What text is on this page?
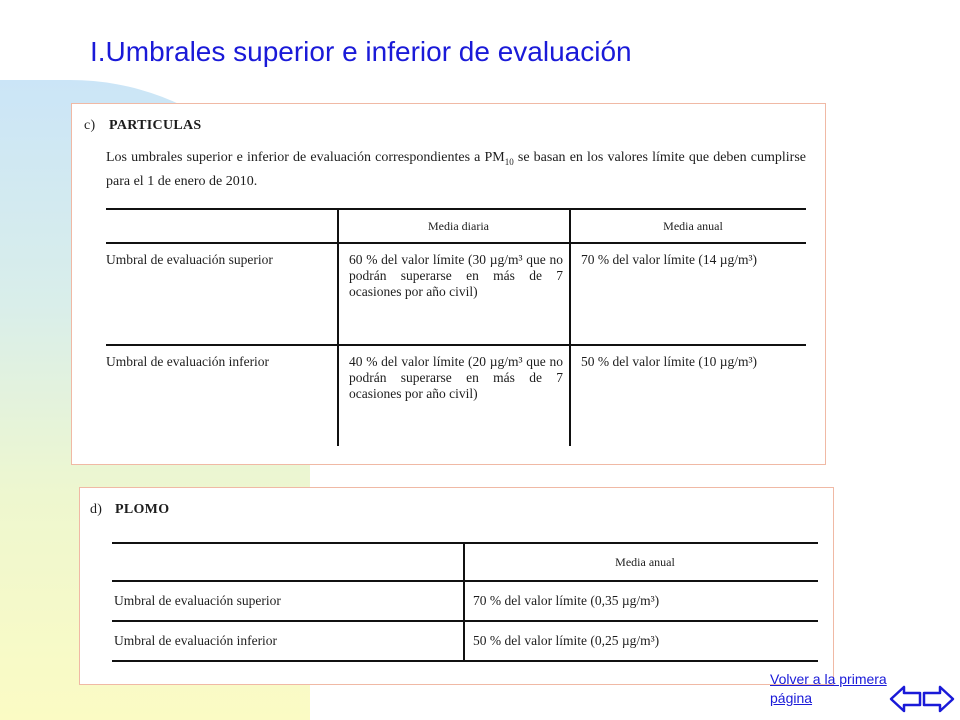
I.Umbrales superior e inferior de evaluación
c) PARTICULAS
Los umbrales superior e inferior de evaluación correspondientes a $PM_{10}$ se basan en los valores límite que deben cumplirse para el 1 de enero de 2010.
	Media diaria	Media anual
Umbral de evaluación superior	60 % del valor límite (30 µg/m³ que no podrán superarse en más de 7 ocasiones por año civil)	70 % del valor límite (14 µg/m³)
Umbral de evaluación inferior	40 % del valor límite (20 µg/m³ que no podrán superarse en más de 7 ocasiones por año civil)	50 % del valor límite (10 µg/m³)
d) PLOMO
	Media anual
Umbral de evaluación superior	70 % del valor límite (0,35 µg/m³)
Umbral de evaluación inferior	50 % del valor límite (0,25 µg/m³)
Volver a la primera página
